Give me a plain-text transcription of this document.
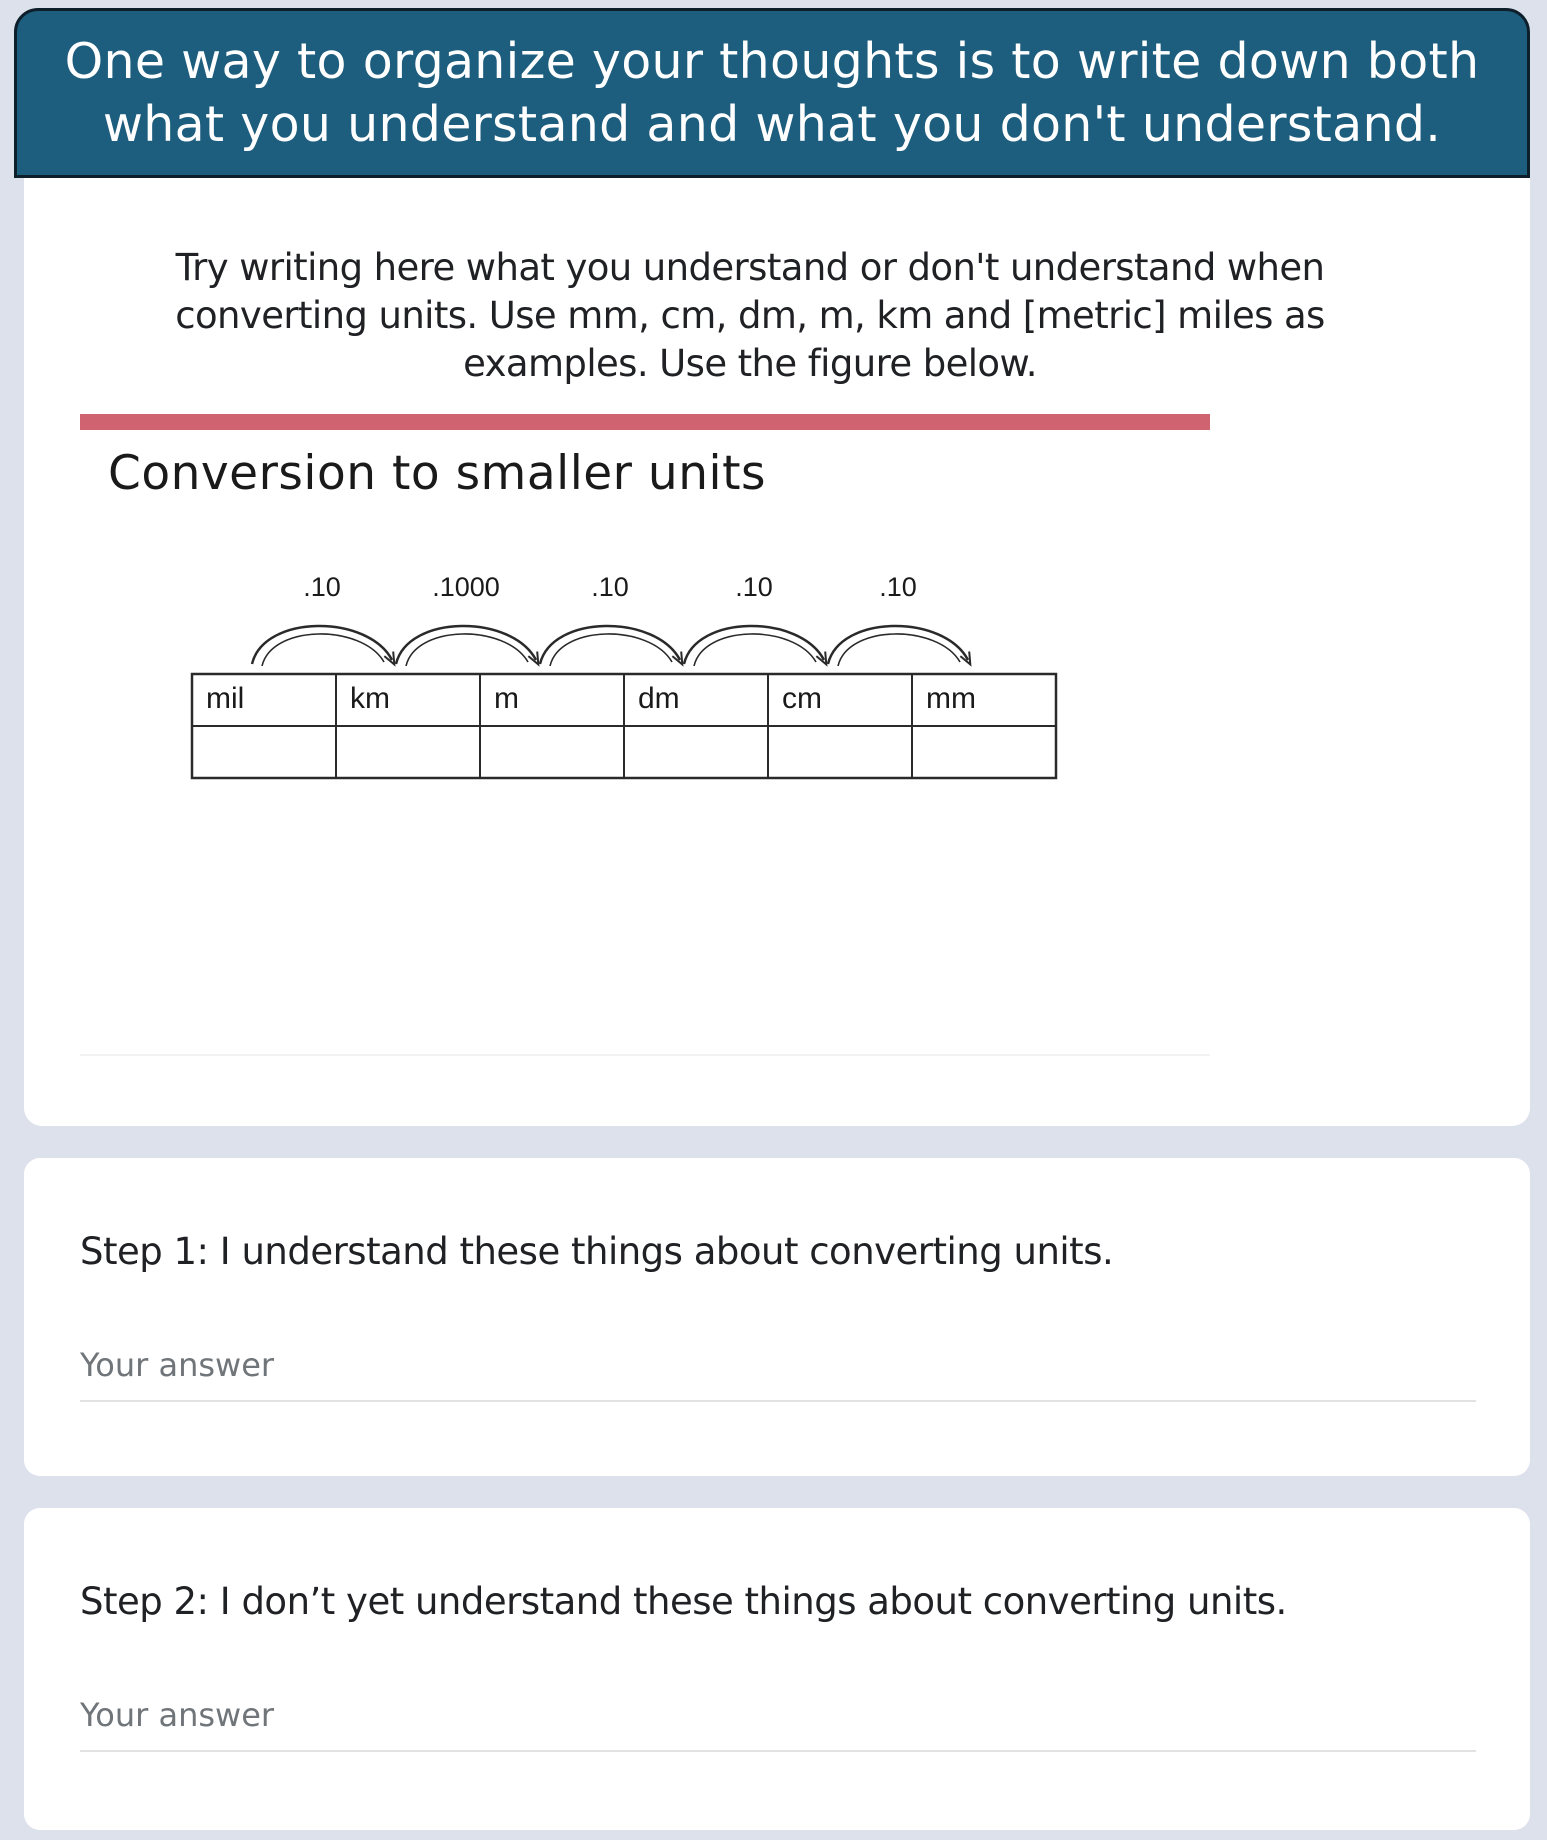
One way to organize your thoughts is to write down both what you understand and what you don't understand.
Try writing here what you understand or don't understand when converting units. Use mm, cm, dm, m, km and [metric] miles as examples. Use the figure below.
Conversion to smaller units
.10	.1000	.10	.10	.10
mil	km	m	dm	cm	mm
Step 1: I understand these things about converting units.
Your answer
Step 2: I don’t yet understand these things about converting units.
Your answer
